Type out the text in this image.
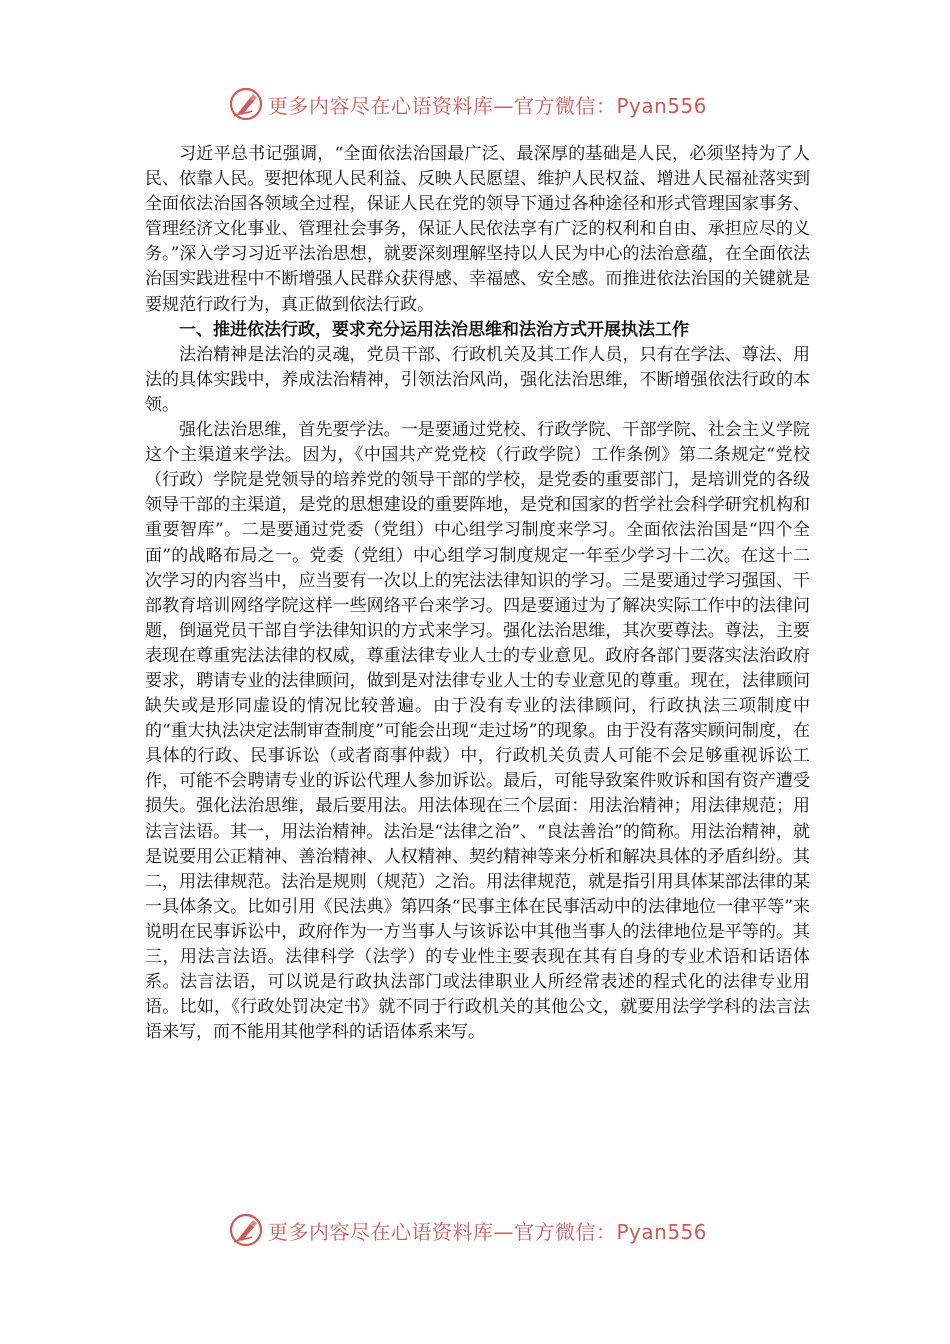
更多内容尽在心语资料库—官方微信：Pyan556

习近平总书记强调，“全面依法治国最广泛、最深厚的基础是人民，必须坚持为了人民、依靠人民。要把体现人民利益、反映人民愿望、维护人民权益、增进人民福祉落实到全面依法治国各领域全过程，保证人民在党的领导下通过各种途径和形式管理国家事务、管理经济文化事业、管理社会事务，保证人民依法享有广泛的权利和自由、承担应尽的义务。”深入学习习近平法治思想，就要深刻理解坚持以人民为中心的法治意蕴，在全面依法治国实践进程中不断增强人民群众获得感、幸福感、安全感。而推进依法治国的关键就是要规范行政行为，真正做到依法行政。

一、推进依法行政，要求充分运用法治思维和法治方式开展执法工作

法治精神是法治的灵魂，党员干部、行政机关及其工作人员，只有在学法、尊法、用法的具体实践中，养成法治精神，引领法治风尚，强化法治思维，不断增强依法行政的本领。

强化法治思维，首先要学法。一是要通过党校、行政学院、干部学院、社会主义学院这个主渠道来学法。因为，《中国共产党党校（行政学院）工作条例》第二条规定“党校（行政）学院是党领导的培养党的领导干部的学校，是党委的重要部门，是培训党的各级领导干部的主渠道，是党的思想建设的重要阵地，是党和国家的哲学社会科学研究机构和重要智库”。二是要通过党委（党组）中心组学习制度来学习。全面依法治国是“四个全面”的战略布局之一。党委（党组）中心组学习制度规定一年至少学习十二次。在这十二次学习的内容当中，应当要有一次以上的宪法法律知识的学习。三是要通过学习强国、干部教育培训网络学院这样一些网络平台来学习。四是要通过为了解决实际工作中的法律问题，倒逼党员干部自学法律知识的方式来学习。强化法治思维，其次要尊法。尊法，主要表现在尊重宪法法律的权威，尊重法律专业人士的专业意见。政府各部门要落实法治政府要求，聘请专业的法律顾问，做到是对法律专业人士的专业意见的尊重。现在，法律顾问缺失或是形同虚设的情况比较普遍。由于没有专业的法律顾问，行政执法三项制度中的“重大执法决定法制审查制度”可能会出现“走过场”的现象。由于没有落实顾问制度，在具体的行政、民事诉讼（或者商事仲裁）中，行政机关负责人可能不会足够重视诉讼工作，可能不会聘请专业的诉讼代理人参加诉讼。最后，可能导致案件败诉和国有资产遭受损失。强化法治思维，最后要用法。用法体现在三个层面：用法治精神；用法律规范；用法言法语。其一，用法治精神。法治是“法律之治”、“良法善治”的简称。用法治精神，就是说要用公正精神、善治精神、人权精神、契约精神等来分析和解决具体的矛盾纠纷。其二，用法律规范。法治是规则（规范）之治。用法律规范，就是指引用具体某部法律的某一具体条文。比如引用《民法典》第四条“民事主体在民事活动中的法律地位一律平等”来说明在民事诉讼中，政府作为一方当事人与该诉讼中其他当事人的法律地位是平等的。其三，用法言法语。法律科学（法学）的专业性主要表现在其有自身的专业术语和话语体系。法言法语，可以说是行政执法部门或法律职业人所经常表述的程式化的法律专业用语。比如，《行政处罚决定书》就不同于行政机关的其他公文，就要用法学学科的法言法语来写，而不能用其他学科的话语体系来写。

更多内容尽在心语资料库—官方微信：Pyan556
